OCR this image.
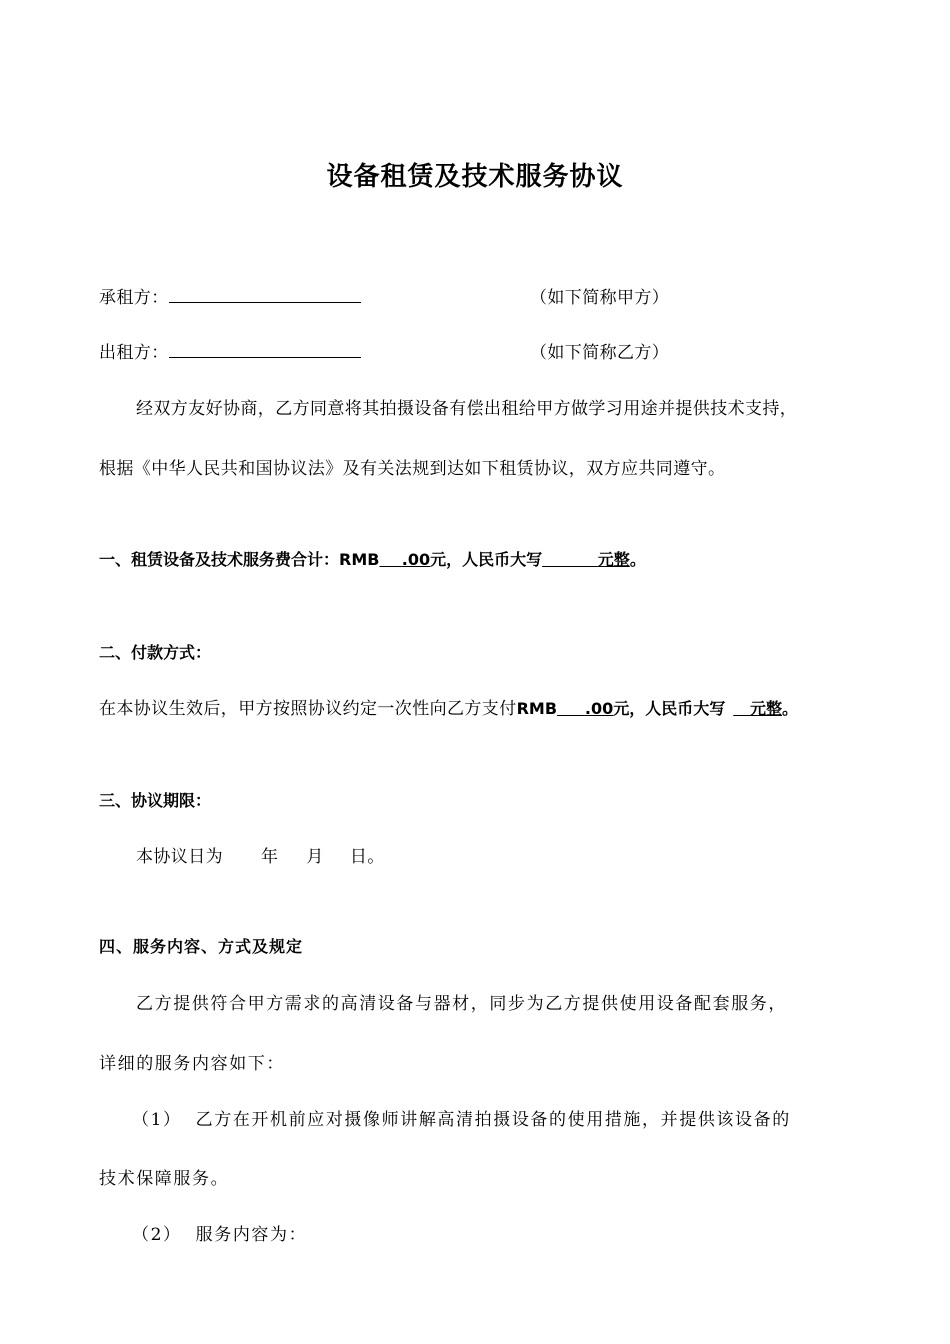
设备租赁及技术服务协议
承租方：	（如下简称甲方）
出租方：	（如下简称乙方）
经双方友好协商，乙方同意将其拍摄设备有偿出租给甲方做学习用途并提供技术支持，
根据《中华人民共和国协议法》及有关法规到达如下租赁协议，双方应共同遵守。
一、租赁设备及技术服务费合计：RMB .00元，人民币大写	元整。
二、付款方式：
在本协议生效后，甲方按照协议约定一次性向乙方支付RMB .00元，人民币大写 元整。
三、协议期限：
本协议日为 年 月 日。
四、服务内容、方式及规定
乙方提供符合甲方需求的高清设备与器材，同步为乙方提供使用设备配套服务，
详细的服务内容如下：
（1） 乙方在开机前应对摄像师讲解高清拍摄设备的使用措施，并提供该设备的
技术保障服务。
（2） 服务内容为：
